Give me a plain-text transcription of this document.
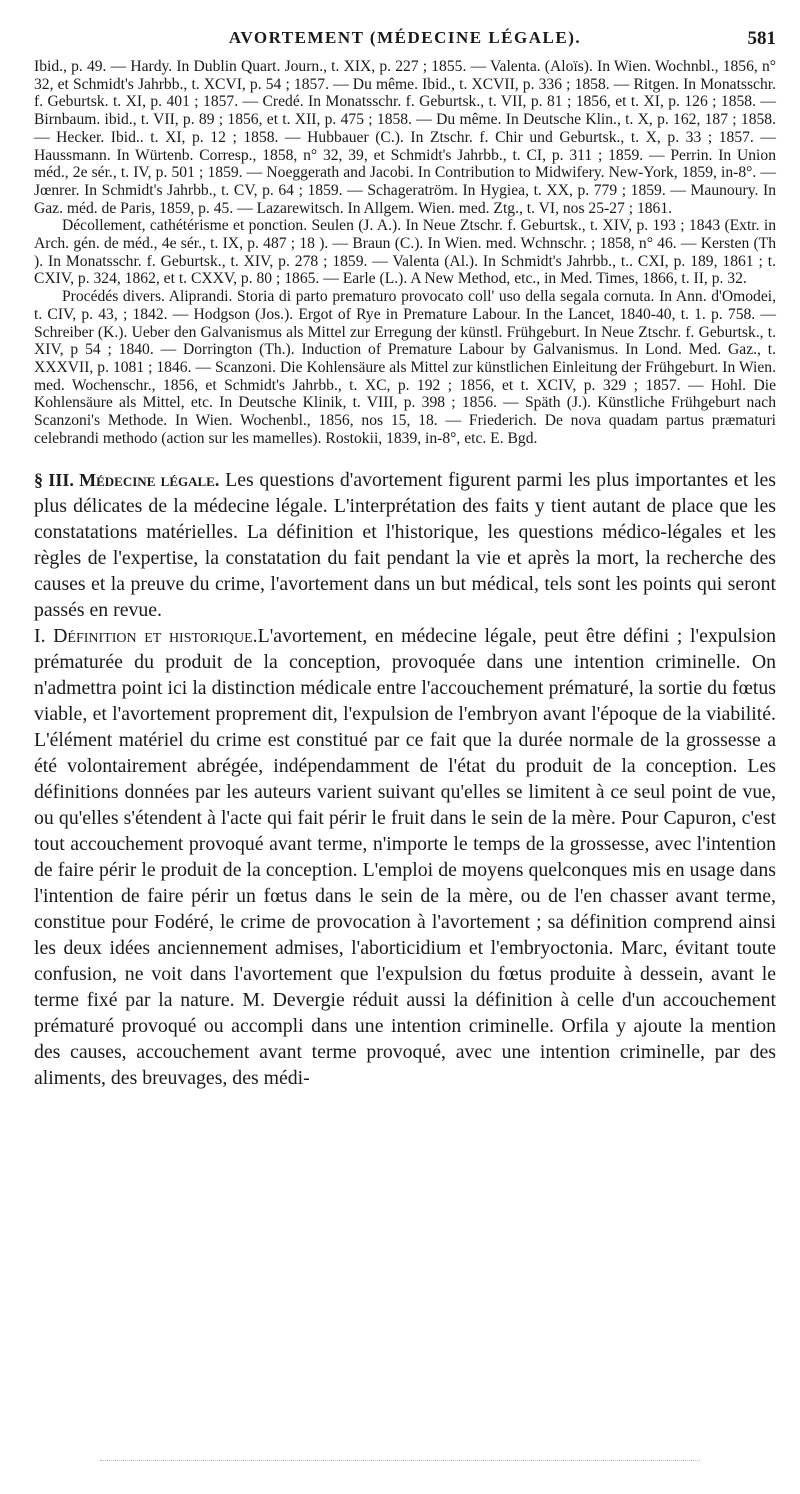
AVORTEMENT (MÉDECINE LÉGALE).	581

Ibid., p. 49. — Hardy. In Dublin Quart. Journ., t. XIX, p. 227 ; 1855. — Valenta. (Aloïs). In Wien. Wochnbl., 1856, n° 32, et Schmidt's Jahrbb., t. XCVI, p. 54 ; 1857. — Du même. Ibid., t. XCVII, p. 336 ; 1858. — Ritgen. In Monatsschr. f. Geburtsk. t. XI, p. 401 ; 1857. — Credé. In Monatsschr. f. Geburtsk., t. VII, p. 81 ; 1856, et t. XI, p. 126 ; 1858. — Birnbaum. ibid., t. VII, p. 89 ; 1856, et t. XII, p. 475 ; 1858. — Du même. In Deutsche Klin., t. X, p. 162, 187 ; 1858. — Hecker. Ibid.. t. XI, p. 12 ; 1858. — Hubbauer (C.). In Ztschr. f. Chir und Geburtsk., t. X, p. 33 ; 1857. — Haussmann. In Würtenb. Corresp., 1858, n° 32, 39, et Schmidt's Jahrbb., t. CI, p. 311 ; 1859. — Perrin. In Union méd., 2e sér., t. IV, p. 501 ; 1859. — Noeggerath and Jacobi. In Contribution to Midwifery. New-York, 1859, in-8°. — Jœnrer. In Schmidt's Jahrbb., t. CV, p. 64 ; 1859. — Schageratröm. In Hygiea, t. XX, p. 779 ; 1859. — Maunoury. In Gaz. méd. de Paris, 1859, p. 45. — Lazarewitsch. In Allgem. Wien. med. Ztg., t. VI, nos 25-27 ; 1861.

Décollement, cathétérisme et ponction. Seulen (J. A.). In Neue Ztschr. f. Geburtsk., t. XIV, p. 193 ; 1843 (Extr. in Arch. gén. de méd., 4e sér., t. IX, p. 487 ; 18 ). — Braun (C.). In Wien. med. Wchnschr. ; 1858, n° 46. — Kersten (Th ). In Monatsschr. f. Geburtsk., t. XIV, p. 278 ; 1859. — Valenta (Al.). In Schmidt's Jahrbb., t.. CXI, p. 189, 1861 ; t. CXIV, p. 324, 1862, et t. CXXV, p. 80 ; 1865. — Earle (L.). A New Method, etc., in Med. Times, 1866, t. II, p. 32.

Procédés divers. Aliprandi. Storia di parto prematuro provocato coll' uso della segala cornuta. In Ann. d'Omodei, t. CIV, p. 43, ; 1842. — Hodgson (Jos.). Ergot of Rye in Premature Labour. In the Lancet, 1840-40, t. 1. p. 758. — Schreiber (K.). Ueber den Galvanismus als Mittel zur Erregung der künstl. Frühgeburt. In Neue Ztschr. f. Geburtsk., t. XIV, p 54 ; 1840. — Dorrington (Th.). Induction of Premature Labour by Galvanismus. In Lond. Med. Gaz., t. XXXVII, p. 1081 ; 1846. — Scanzoni. Die Kohlensäure als Mittel zur künstlichen Einleitung der Frühgeburt. In Wien. med. Wochenschr., 1856, et Schmidt's Jahrbb., t. XC, p. 192 ; 1856, et t. XCIV, p. 329 ; 1857. — Hohl. Die Kohlensäure als Mittel, etc. In Deutsche Klinik, t. VIII, p. 398 ; 1856. — Späth (J.). Künstliche Frühgeburt nach Scanzoni's Methode. In Wien. Wochenbl., 1856, nos 15, 18. — Friederich. De nova quadam partus præmaturi celebrandi methodo (action sur les mamelles). Rostokii, 1839, in-8°, etc. E. Bgd.

§ III. Médecine légale. Les questions d'avortement figurent parmi les plus importantes et les plus délicates de la médecine légale. L'interprétation des faits y tient autant de place que les constatations matérielles. La définition et l'historique, les questions médico-légales et les règles de l'expertise, la constatation du fait pendant la vie et après la mort, la recherche des causes et la preuve du crime, l'avortement dans un but médical, tels sont les points qui seront passés en revue.

I. Définition et historique.L'avortement, en médecine légale, peut être défini ; l'expulsion prématurée du produit de la conception, provoquée dans une intention criminelle. On n'admettra point ici la distinction médicale entre l'accouchement prématuré, la sortie du fœtus viable, et l'avortement proprement dit, l'expulsion de l'embryon avant l'époque de la viabilité. L'élément matériel du crime est constitué par ce fait que la durée normale de la grossesse a été volontairement abrégée, indépendamment de l'état du produit de la conception. Les définitions données par les auteurs varient suivant qu'elles se limitent à ce seul point de vue, ou qu'elles s'étendent à l'acte qui fait périr le fruit dans le sein de la mère. Pour Capuron, c'est tout accouchement provoqué avant terme, n'importe le temps de la grossesse, avec l'intention de faire périr le produit de la conception. L'emploi de moyens quelconques mis en usage dans l'intention de faire périr un fœtus dans le sein de la mère, ou de l'en chasser avant terme, constitue pour Fodéré, le crime de provocation à l'avortement ; sa définition comprend ainsi les deux idées anciennement admises, l'aborticidium et l'embryoctonia. Marc, évitant toute confusion, ne voit dans l'avortement que l'expulsion du fœtus produite à dessein, avant le terme fixé par la nature. M. Devergie réduit aussi la définition à celle d'un accouchement prématuré provoqué ou accompli dans une intention criminelle. Orfila y ajoute la mention des causes, accouchement avant terme provoqué, avec une intention criminelle, par des aliments, des breuvages, des médi-
